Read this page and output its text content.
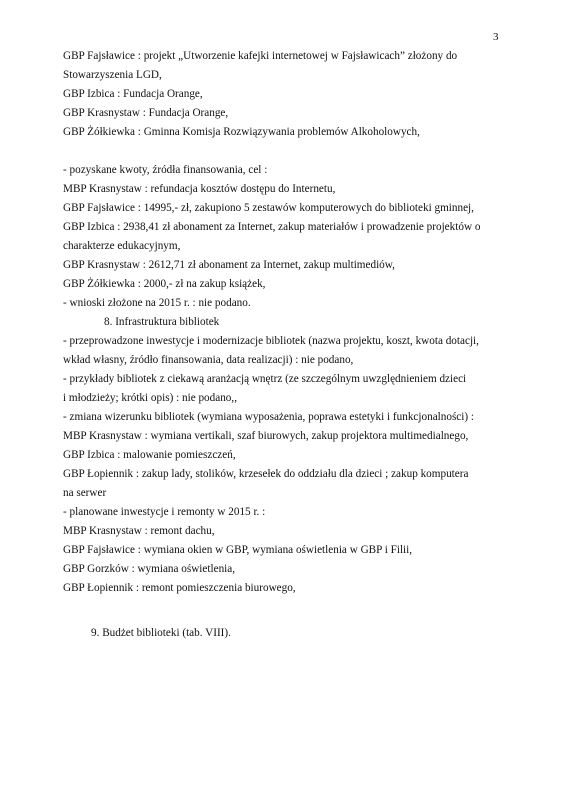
3

GBP Fajsławice : projekt „Utworzenie kafejki internetowej w Fajsławicach” złożony do

Stowarzyszenia LGD,

GBP Izbica : Fundacja Orange,

GBP Krasnystaw : Fundacja Orange,

GBP Żółkiewka : Gminna Komisja Rozwiązywania problemów Alkoholowych,

- pozyskane kwoty, źródła finansowania, cel :

MBP Krasnystaw : refundacja kosztów dostępu do Internetu,

GBP Fajsławice : 14995,- zł, zakupiono 5 zestawów komputerowych do biblioteki gminnej,

GBP Izbica : 2938,41 zł abonament za Internet, zakup materiałów i prowadzenie projektów o

charakterze edukacyjnym,

GBP Krasnystaw : 2612,71 zł abonament za Internet, zakup multimediów,

GBP Żółkiewka : 2000,- zł na zakup książek,

- wnioski złożone na 2015 r. : nie podano.

8. Infrastruktura bibliotek

- przeprowadzone inwestycje i modernizacje bibliotek (nazwa projektu, koszt, kwota dotacji,

wkład własny, źródło finansowania, data realizacji) : nie podano,

- przykłady bibliotek z ciekawą aranżacją wnętrz (ze szczególnym uwzględnieniem dzieci

i młodzieży; krótki opis) : nie podano,,

- zmiana wizerunku bibliotek (wymiana wyposażenia, poprawa estetyki i funkcjonalności) :

MBP Krasnystaw : wymiana vertikali, szaf biurowych, zakup projektora multimedialnego,

GBP Izbica : malowanie pomieszczeń,

GBP Łopiennik : zakup lady, stolików, krzesełek do oddziału dla dzieci ; zakup komputera

na serwer

- planowane inwestycje i remonty w 2015 r. :

MBP Krasnystaw : remont dachu,

GBP Fajsławice : wymiana okien w GBP, wymiana oświetlenia w GBP i Filii,

GBP Gorzków : wymiana oświetlenia,

GBP Łopiennik : remont pomieszczenia biurowego,

9. Budżet biblioteki (tab. VIII).
